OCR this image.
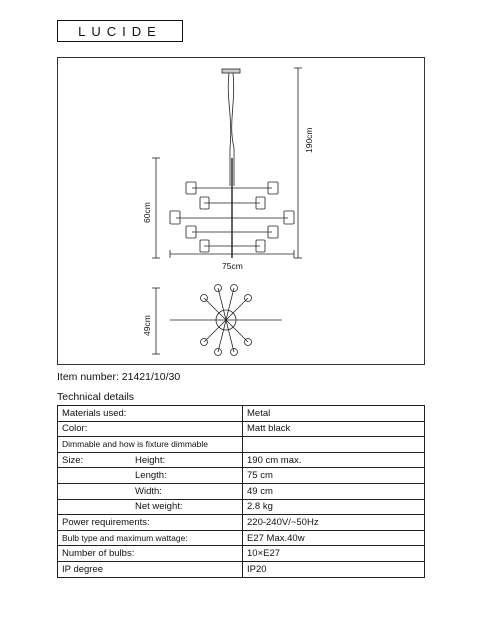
LUCIDE
190cm
60cm
75cm
49cm
Item number: 21421/10/30
Technical details
Materials used:	Metal
Color:	Matt black
Dimmable and how is fixture dimmable	

Size: Height:	190 cm max.

Length:	75 cm

Width:	49 cm

Net weight:	2.8 kg
Power requirements:	220-240V/~50Hz
Bulb type and maximum wattage:	E27 Max.40w
Number of bulbs:	10×E27
IP degree	IP20
